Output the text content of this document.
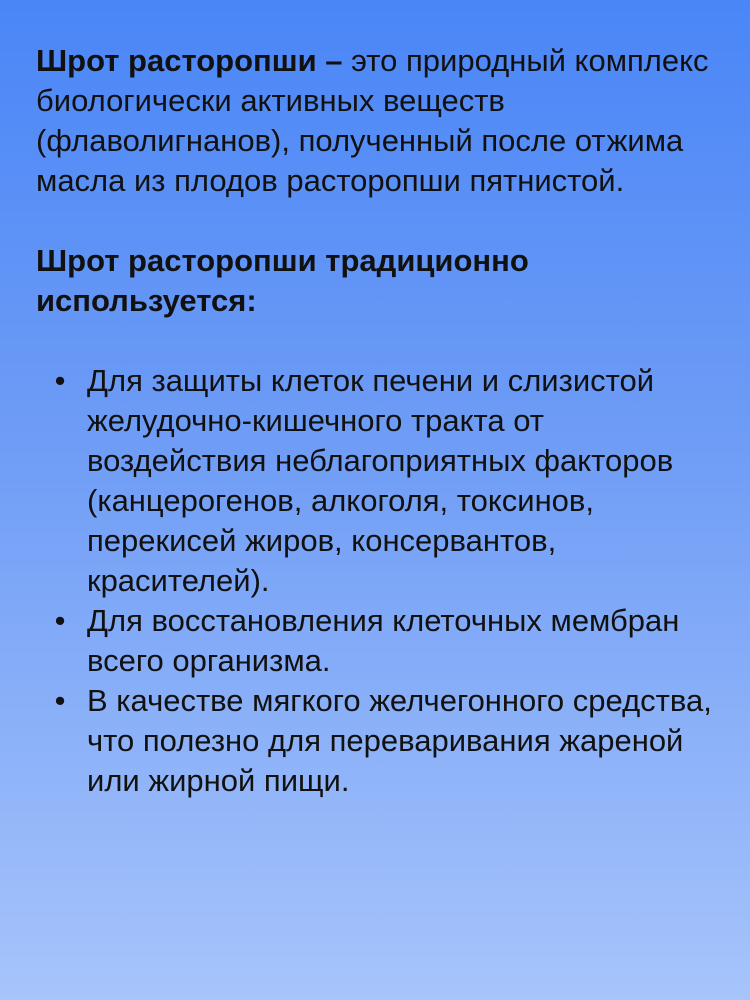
Шрот расторопши – это природный комплекс биологически активных веществ (флаволигнанов), полученный после отжима масла из плодов расторопши пятнистой.

Шрот расторопши традиционно используется:
• Для защиты клеток печени и слизистой желудочно-кишечного тракта от воздействия неблагоприятных факторов (канцерогенов, алкоголя, токсинов, перекисей жиров, консервантов, красителей).
• Для восстановления клеточных мембран всего организма.
• В качестве мягкого желчегонного средства, что полезно для переваривания жареной или жирной пищи.
